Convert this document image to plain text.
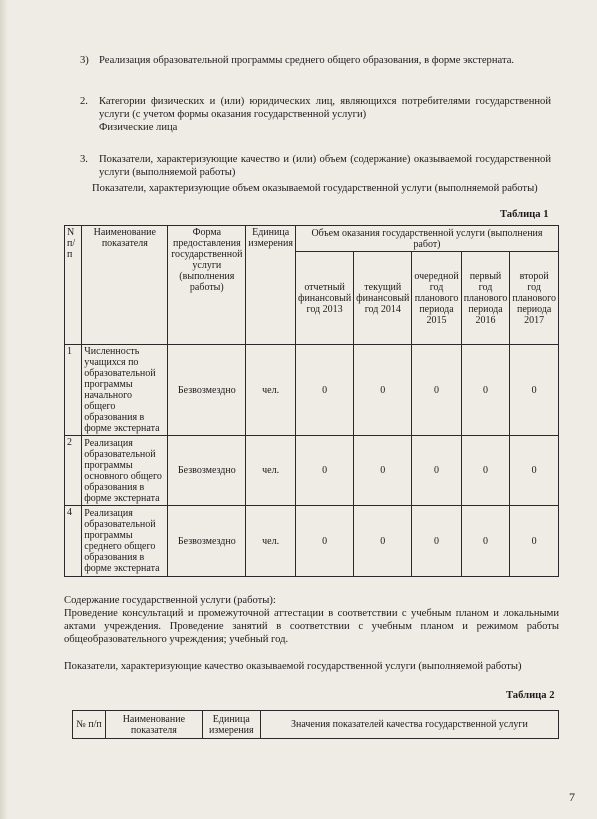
3) Реализация образовательной программы среднего общего образования, в форме экстерната.
2. Категории физических и (или) юридических лиц, являющихся потребителями государственной услуги (с учетом формы оказания государственной услуги)
Физические лица
3. Показатели, характеризующие качество и (или) объем (содержание) оказываемой государственной услуги (выполняемой работы)
Показатели, характеризующие объем оказываемой государственной услуги (выполняемой работы)
Таблица 1
N п/п	Наименование показателя	Форма предоставления государственной услуги (выполнения работы)	Единица измерения	Объем оказания государственной услуги (выполнения работ)				
				отчетный финансовый год 2013	текущий финансовый год 2014	очередной год планового периода 2015	первый год планового периода 2016	второй год планового периода 2017
1	Численность учащихся по образовательной программы начального общего образования в форме экстерната	Безвозмездно	чел.	0	0	0	0	0
2	Реализация образовательной программы основного общего образования в форме экстерната	Безвозмездно	чел.	0	0	0	0	0
4	Реализация образовательной программы среднего общего образования в форме экстерната	Безвозмездно	чел.	0	0	0	0	0
Содержание государственной услуги (работы):
Проведение консультаций и промежуточной аттестации в соответствии с учебным планом и локальными актами учреждения. Проведение занятий в соответствии с учебным планом и режимом работы общеобразовательного учреждения; учебный год.
Показатели, характеризующие качество оказываемой государственной услуги (выполняемой работы)
Таблица 2
№ п/п	Наименование показателя	Единица измерения	Значения показателей качества государственной услуги
7
